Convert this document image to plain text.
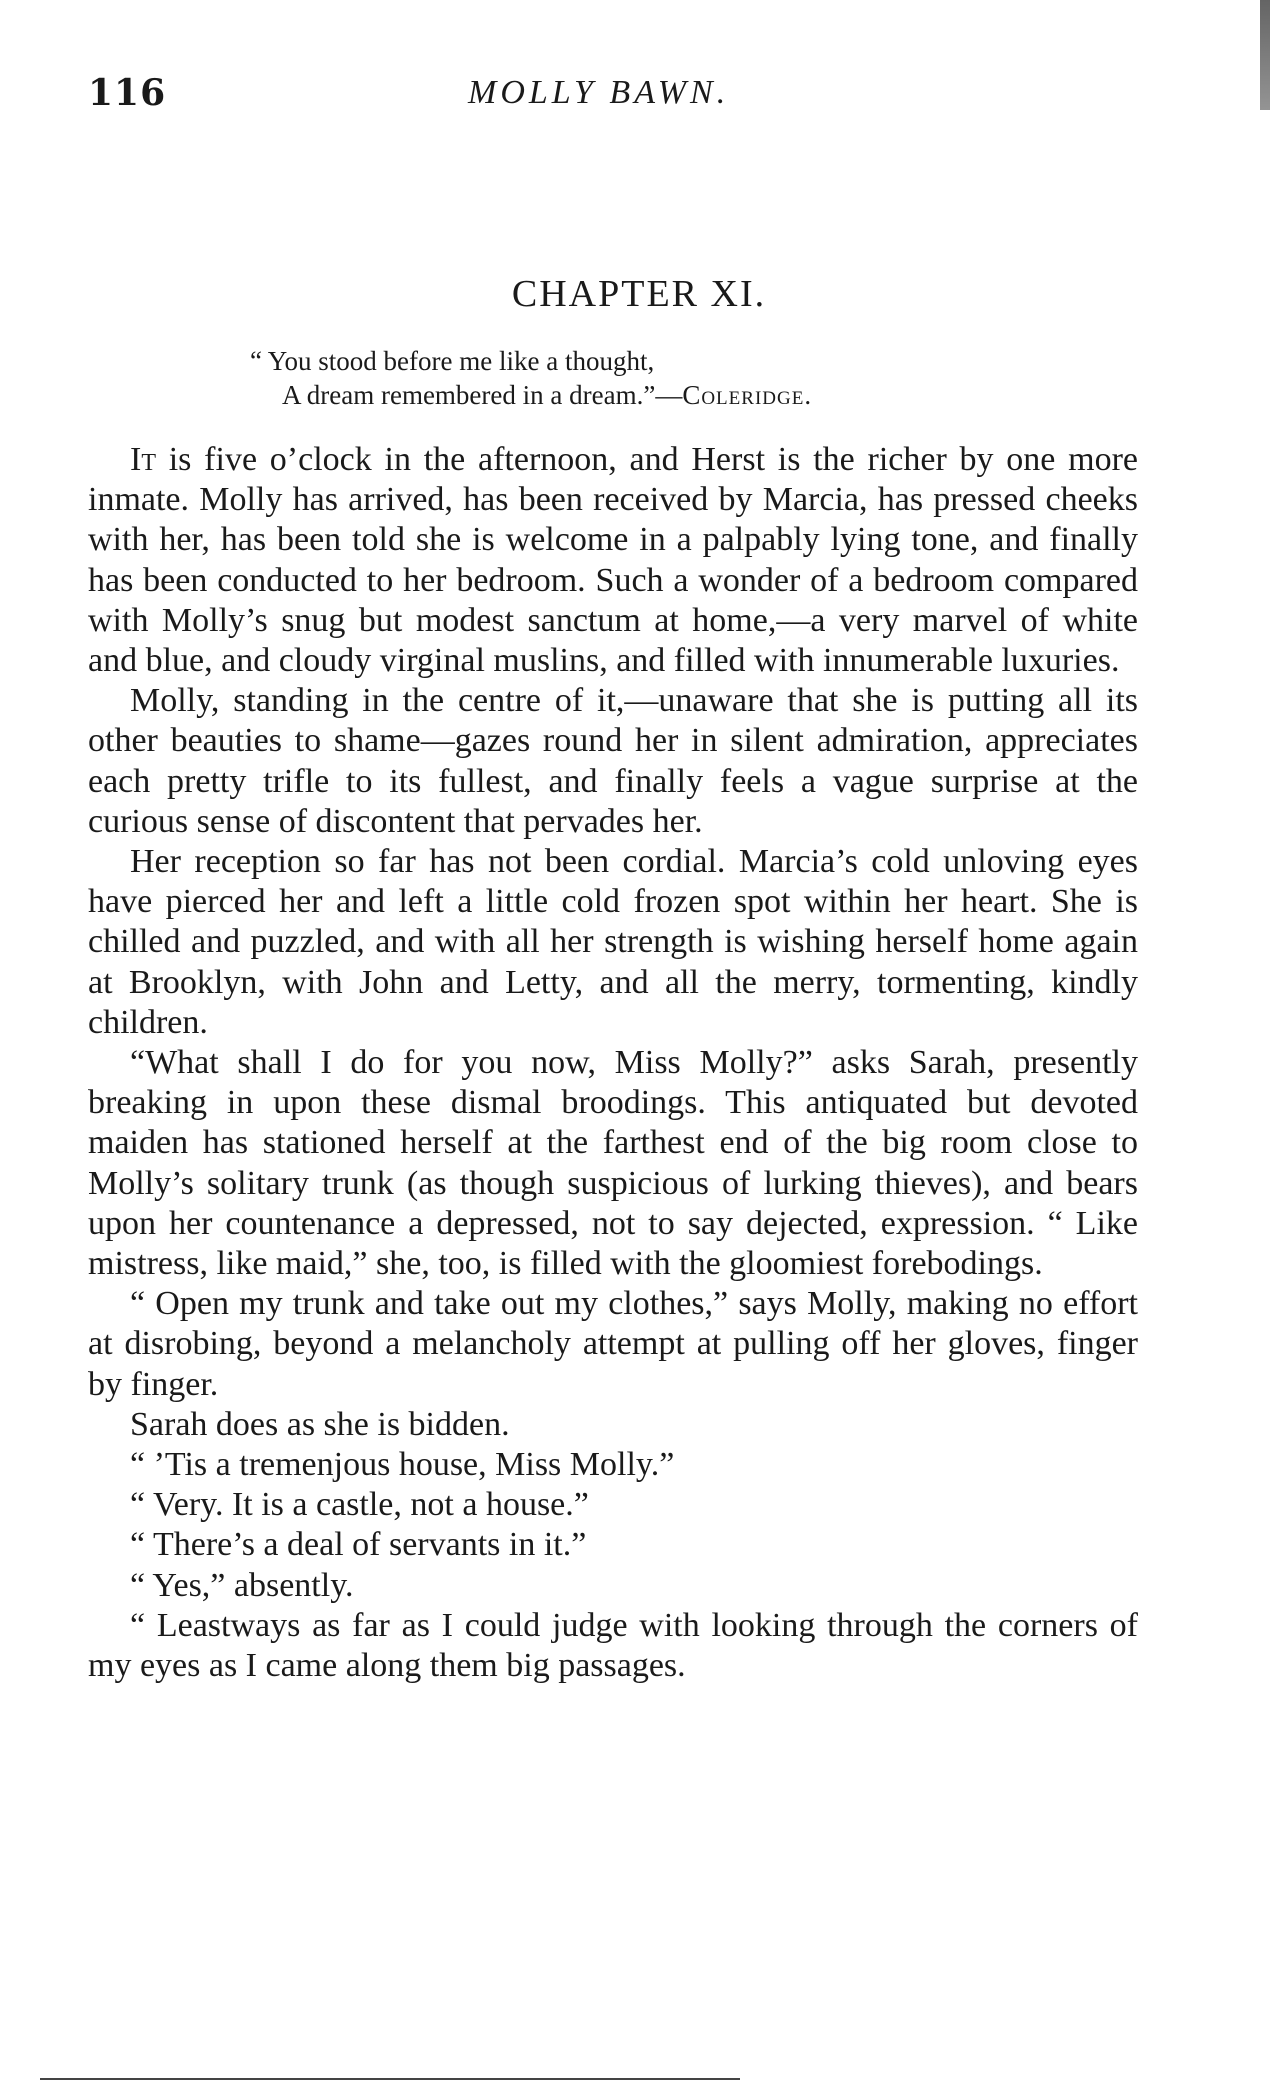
116	MOLLY BAWN.
CHAPTER XI.
“ You stood before me like a thought,
A dream remembered in a dream.”—Coleridge.

It is five o’clock in the afternoon, and Herst is the richer by one more inmate. Molly has arrived, has been received by Marcia, has pressed cheeks with her, has been told she is welcome in a palpably lying tone, and finally has been conducted to her bedroom. Such a wonder of a bedroom compared with Molly’s snug but modest sanctum at home,—a very marvel of white and blue, and cloudy virginal muslins, and filled with innumerable luxuries.

Molly, standing in the centre of it,—unaware that she is putting all its other beauties to shame—gazes round her in silent admiration, appreciates each pretty trifle to its fullest, and finally feels a vague surprise at the curious sense of discontent that pervades her.

Her reception so far has not been cordial. Marcia’s cold unloving eyes have pierced her and left a little cold frozen spot within her heart. She is chilled and puzzled, and with all her strength is wishing herself home again at Brooklyn, with John and Letty, and all the merry, tormenting, kindly children.

“What shall I do for you now, Miss Molly?” asks Sarah, presently breaking in upon these dismal broodings. This antiquated but devoted maiden has stationed herself at the farthest end of the big room close to Molly’s solitary trunk (as though suspicious of lurking thieves), and bears upon her countenance a depressed, not to say dejected, expression. “ Like mistress, like maid,” she, too, is filled with the gloomiest forebodings.

“ Open my trunk and take out my clothes,” says Molly, making no effort at disrobing, beyond a melancholy attempt at pulling off her gloves, finger by finger.

Sarah does as she is bidden.

“ ’Tis a tremenjous house, Miss Molly.”

“ Very. It is a castle, not a house.”

“ There’s a deal of servants in it.”

“ Yes,” absently.

“ Leastways as far as I could judge with looking through the corners of my eyes as I came along them big passages.
